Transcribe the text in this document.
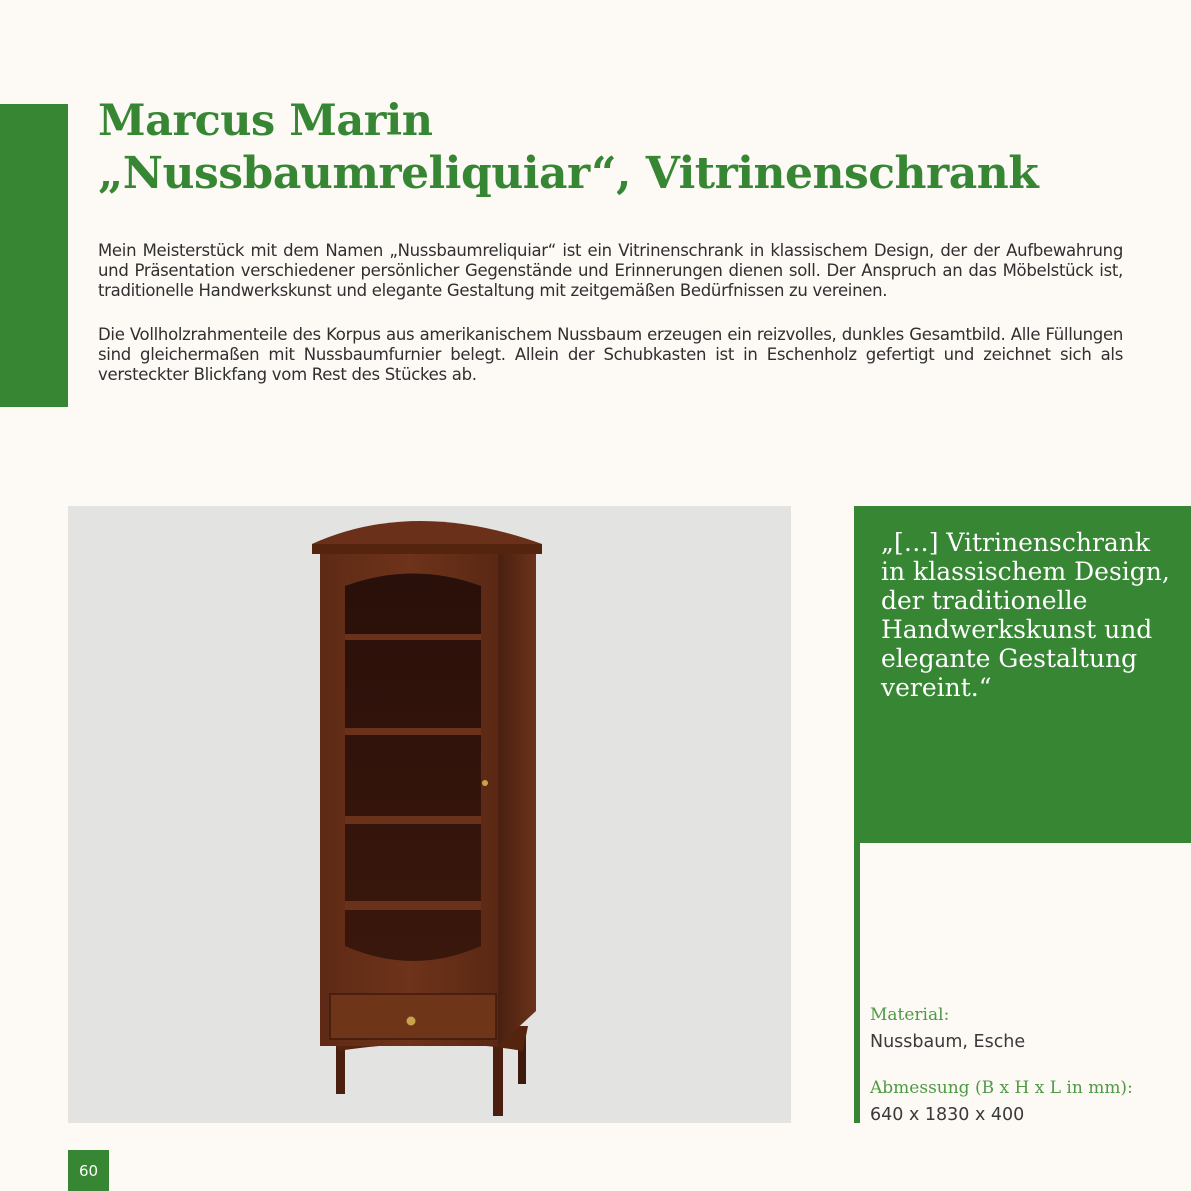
Marcus Marin
„Nussbaumreliquiar“, Vitrinenschrank

Mein Meisterstück mit dem Namen „Nussbaumreliquiar“ ist ein Vitrinenschrank in klassischem Design, der der Aufbewahrung und Präsentation verschiedener persönlicher Gegenstände und Erinnerungen dienen soll. Der Anspruch an das Möbelstück ist, traditionelle Handwerkskunst und elegante Gestaltung mit zeitgemäßen Bedürfnissen zu vereinen.

Die Vollholzrahmenteile des Korpus aus amerikanischem Nussbaum erzeugen ein reizvolles, dunkles Gesamtbild. Alle Füllungen sind gleichermaßen mit Nussbaumfurnier belegt. Allein der Schubkasten ist in Eschenholz gefertigt und zeichnet sich als versteckter Blickfang vom Rest des Stückes ab.

„[…] Vitrinenschrank in klassischem Design, der traditionelle Handwerkskunst und elegante Gestaltung vereint.“

Material:
Nussbaum, Esche
Abmessung (B x H x L in mm):
640 x 1830 x 400
60
